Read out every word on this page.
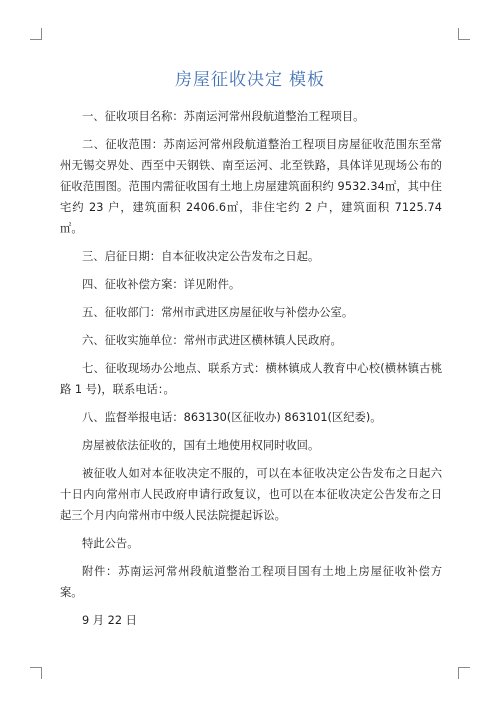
房屋征收决定 模板

一、征收项目名称：苏南运河常州段航道整治工程项目。

二、征收范围：苏南运河常州段航道整治工程项目房屋征收范围东至常州无锡交界处、西至中天钢铁、南至运河、北至铁路，具体详见现场公布的征收范围图。范围内需征收国有土地上房屋建筑面积约 9532.34㎡，其中住宅约 23 户，建筑面积 2406.6㎡，非住宅约 2 户，建筑面积 7125.74㎡。

三、启征日期：自本征收决定公告发布之日起。

四、征收补偿方案：详见附件。

五、征收部门：常州市武进区房屋征收与补偿办公室。

六、征收实施单位：常州市武进区横林镇人民政府。

七、征收现场办公地点、联系方式：横林镇成人教育中心校(横林镇古桃路 1 号)，联系电话：。

八、监督举报电话：863130(区征收办) 863101(区纪委)。

房屋被依法征收的，国有土地使用权同时收回。

被征收人如对本征收决定不服的，可以在本征收决定公告发布之日起六十日内向常州市人民政府申请行政复议，也可以在本征收决定公告发布之日起三个月内向常州市中级人民法院提起诉讼。

特此公告。

附件：苏南运河常州段航道整治工程项目国有土地上房屋征收补偿方案。

9 月 22 日
